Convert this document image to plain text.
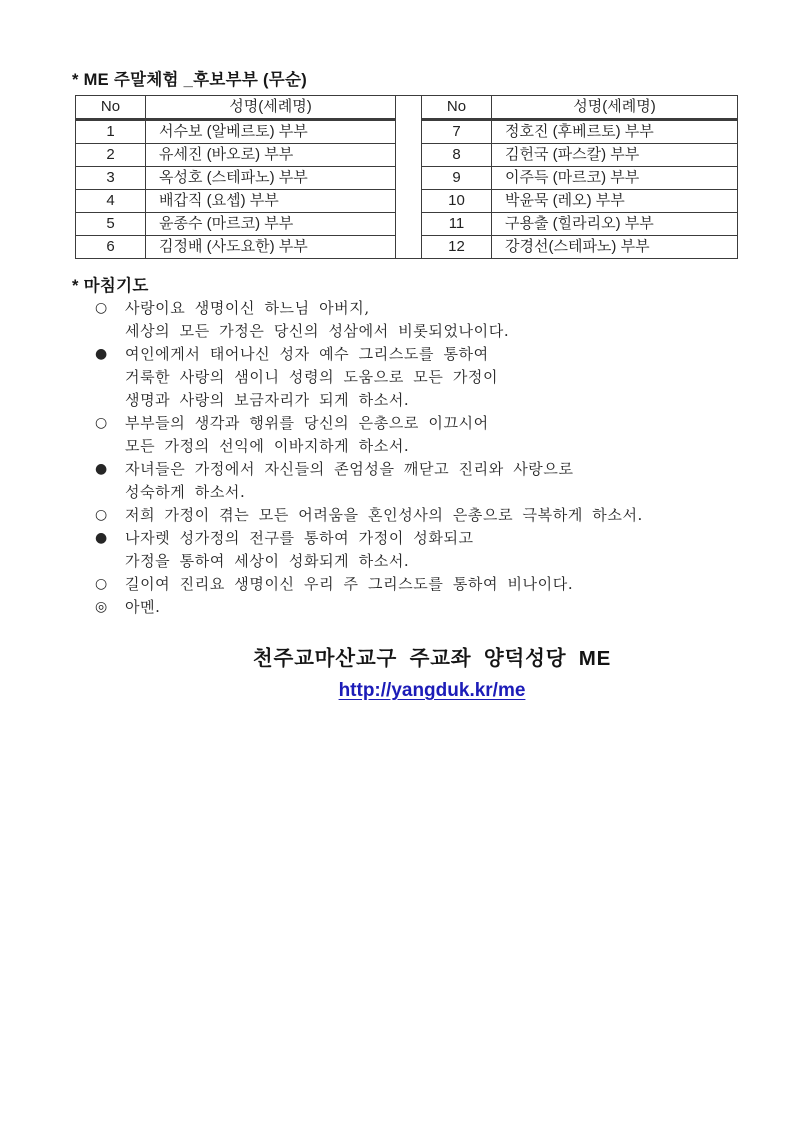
* ME 주말체험 _후보부부 (무순)
No	성명(세례명)		No	성명(세례명)
1	서수보 (알베르토) 부부		7	정호진 (후베르토) 부부
2	유세진 (바오로) 부부		8	김헌국 (파스칼) 부부
3	옥성호 (스테파노) 부부		9	이주득 (마르코) 부부
4	배갑직 (요셉) 부부		10	박윤묵 (레오) 부부
5	윤종수 (마르코) 부부		11	구용출 (힐라리오) 부부
6	김정배 (사도요한) 부부		12	강경선(스테파노) 부부
* 마침기도
○	사랑이요 생명이신 하느님 아버지,
세상의 모든 가정은 당신의 성삼에서 비롯되었나이다.
●	여인에게서 태어나신 성자 예수 그리스도를 통하여
거룩한 사랑의 샘이니 성령의 도움으로 모든 가정이
생명과 사랑의 보금자리가 되게 하소서.
○	부부들의 생각과 행위를 당신의 은총으로 이끄시어
모든 가정의 선익에 이바지하게 하소서.
●	자녀들은 가정에서 자신들의 존엄성을 깨닫고 진리와 사랑으로
성숙하게 하소서.
○	저희 가정이 겪는 모든 어려움을 혼인성사의 은총으로 극복하게 하소서.
●	나자렛 성가정의 전구를 통하여 가정이 성화되고
가정을 통하여 세상이 성화되게 하소서.
○	길이여 진리요 생명이신 우리 주 그리스도를 통하여 비나이다.
◎	아멘.
천주교마산교구 주교좌 양덕성당 ME
http://yangduk.kr/me
